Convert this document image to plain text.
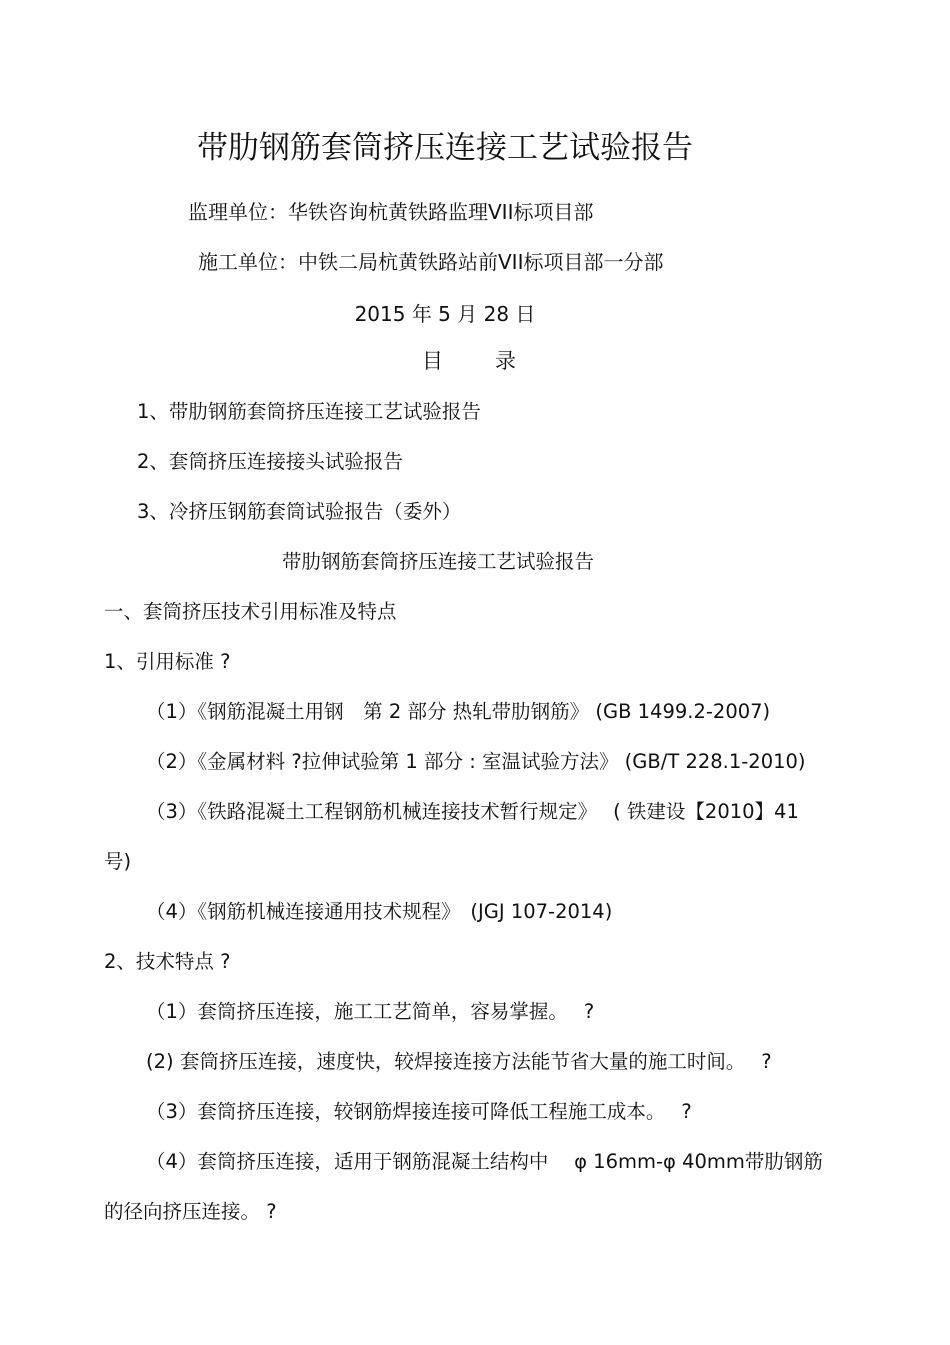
带肋钢筋套筒挤压连接工艺试验报告
监理单位：华铁咨询杭黄铁路监理VII标项目部
施工单位：中铁二局杭黄铁路站前VII标项目部一分部
2015 年 5 月 28 日
目录
1、带肋钢筋套筒挤压连接工艺试验报告
2、套筒挤压连接接头试验报告
3、冷挤压钢筋套筒试验报告（委外）
带肋钢筋套筒挤压连接工艺试验报告
一、套筒挤压技术引用标准及特点
1、引用标准 ?
（1）《钢筋混凝土用钢　第 2 部分 热轧带肋钢筋》 (GB 1499.2-2007)
（2）《金属材料 ?拉伸试验第 1 部分 : 室温试验方法》 (GB/T 228.1-2010)
（3）《铁路混凝土工程钢筋机械连接技术暂行规定》　 ( 铁建设【2010】41
号)
（4）《钢筋机械连接通用技术规程》　(JGJ 107-2014)
2、技术特点 ?
（1）套筒挤压连接，施工工艺简单，容易掌握。　 ?
(2) 套筒挤压连接，速度快，较焊接连接方法能节省大量的施工时间。　 ?
（3）套筒挤压连接，较钢筋焊接连接可降低工程施工成本。　 ?
（4）套筒挤压连接，适用于钢筋混凝土结构中　 φ 16mm-φ 40mm带肋钢筋
的径向挤压连接。 ?
